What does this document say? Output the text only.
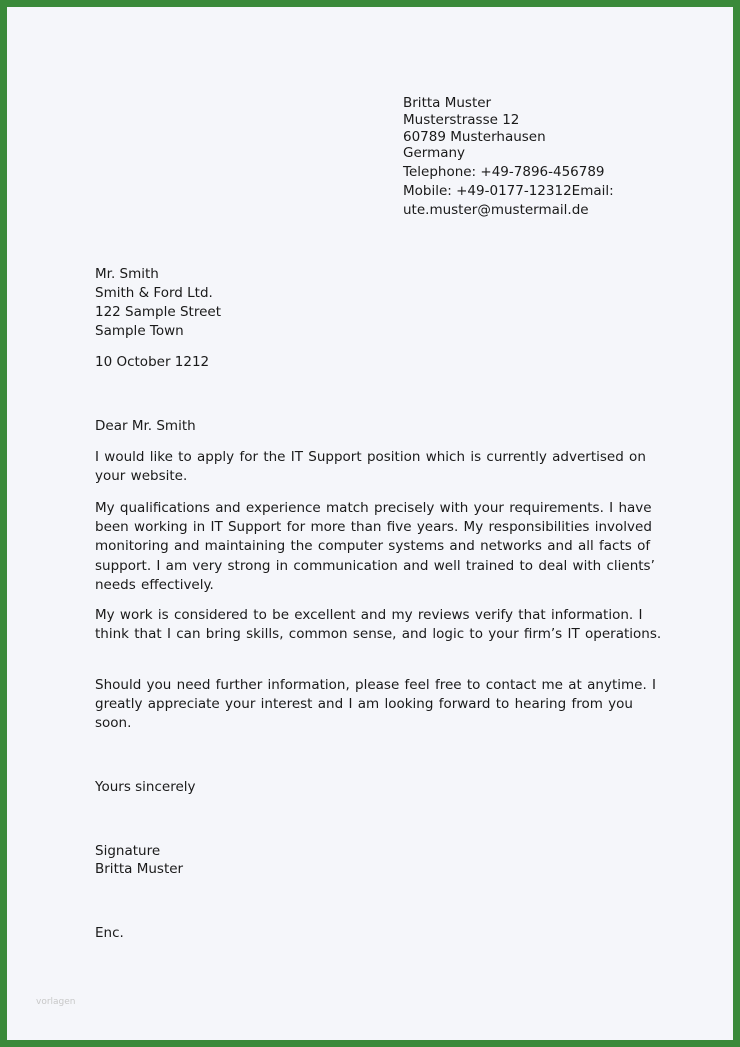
Britta Muster
Musterstrasse 12
60789 Musterhausen
Germany
Telephone: +49-7896-456789
Mobile: +49-0177-12312Email:
ute.muster@mustermail.de
Mr. Smith
Smith & Ford Ltd.
122 Sample Street
Sample Town
10 October 1212
Dear Mr. Smith
I would like to apply for the IT Support position which is currently advertised on your website.
My qualifications and experience match precisely with your requirements. I have been working in IT Support for more than five years. My responsibilities involved monitoring and maintaining the computer systems and networks and all facts of support. I am very strong in communication and well trained to deal with clients’ needs effectively.
My work is considered to be excellent and my reviews verify that information. I think that I can bring skills, common sense, and logic to your firm’s IT operations.
Should you need further information, please feel free to contact me at anytime. I greatly appreciate your interest and I am looking forward to hearing from you soon.
Yours sincerely
Signature
Britta Muster
Enc.
vorlagen
